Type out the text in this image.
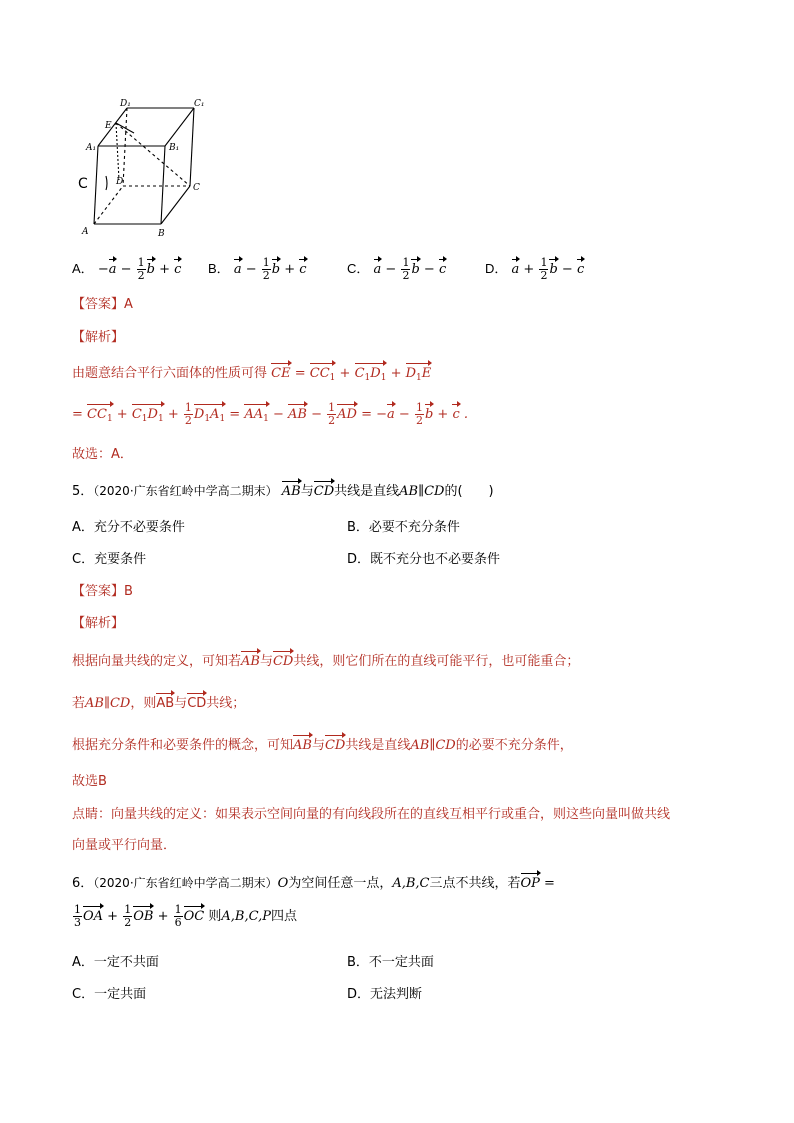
D₁	C₁
E
A₁	B₁
C	D
C
A	B
A． $-a - \frac{1}{2}$ b + c B． $a - \frac{1}{2}$ b + c	C． $a - \frac{1}{2}$ b − c	D． $a + \frac{1}{2}$ b − c
【答案】A
【解析】
由题意结合平行六面体的性质可得 CE = $CC_1 + C_1D_1 + D_1E$
= $CC_1 + C_1D_1 + \frac{1}{2} D_1A_1 = AA_1$ − AB − $\frac{1}{2}$ AD = $-a - \frac{1}{2}$ b + c .
故选：A．
5．（2020·广东省红岭中学高二期末） AB与CD共线是直线AB∥CD的(　　)
A．充分不必要条件	B．必要不充分条件
C．充要条件	D．既不充分也不必要条件
【答案】B
【解析】
根据向量共线的定义，可知若AB与CD共线，则它们所在的直线可能平行，也可能重合；
若AB∥CD，则AB与CD共线；
根据充分条件和必要条件的概念，可知AB与CD共线是直线AB∥CD的必要不充分条件，
故选B
点睛：向量共线的定义：如果表示空间向量的有向线段所在的直线互相平行或重合，则这些向量叫做共线
向量或平行向量．
6．（2020·广东省红岭中学高二期末）O为空间任意一点，A,B,C三点不共线，若OP =
$\frac{1}{3}$ OA + $\frac{1}{2}$ OB + $\frac{1}{6}$ OC 则A,B,C,P四点
A．一定不共面	B．不一定共面
C．一定共面	D．无法判断
